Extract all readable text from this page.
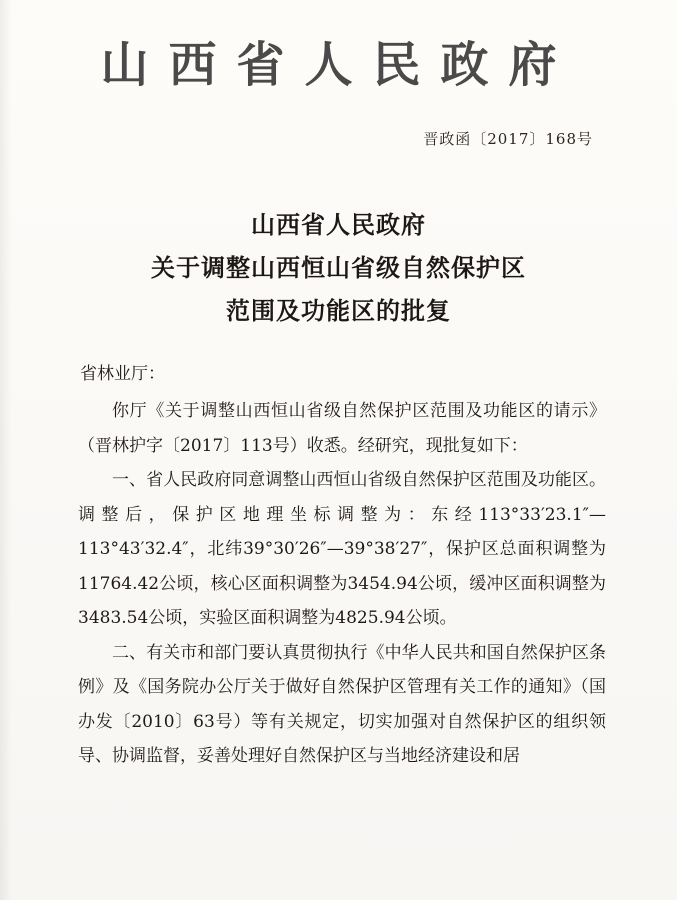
山西省人民政府
晋政函〔2017〕168号
山西省人民政府
关于调整山西恒山省级自然保护区
范围及功能区的批复
省林业厅：

你厅《关于调整山西恒山省级自然保护区范围及功能区的请示》（晋林护字〔2017〕113号）收悉。经研究，现批复如下：

一、省人民政府同意调整山西恒山省级自然保护区范围及功能区。调整后，保护区地理坐标调整为：东经113°33′23.1″—113°43′32.4″，北纬39°30′26″—39°38′27″，保护区总面积调整为11764.42公顷，核心区面积调整为3454.94公顷，缓冲区面积调整为3483.54公顷，实验区面积调整为4825.94公顷。

二、有关市和部门要认真贯彻执行《中华人民共和国自然保护区条例》及《国务院办公厅关于做好自然保护区管理有关工作的通知》（国办发〔2010〕63号）等有关规定，切实加强对自然保护区的组织领导、协调监督，妥善处理好自然保护区与当地经济建设和居
